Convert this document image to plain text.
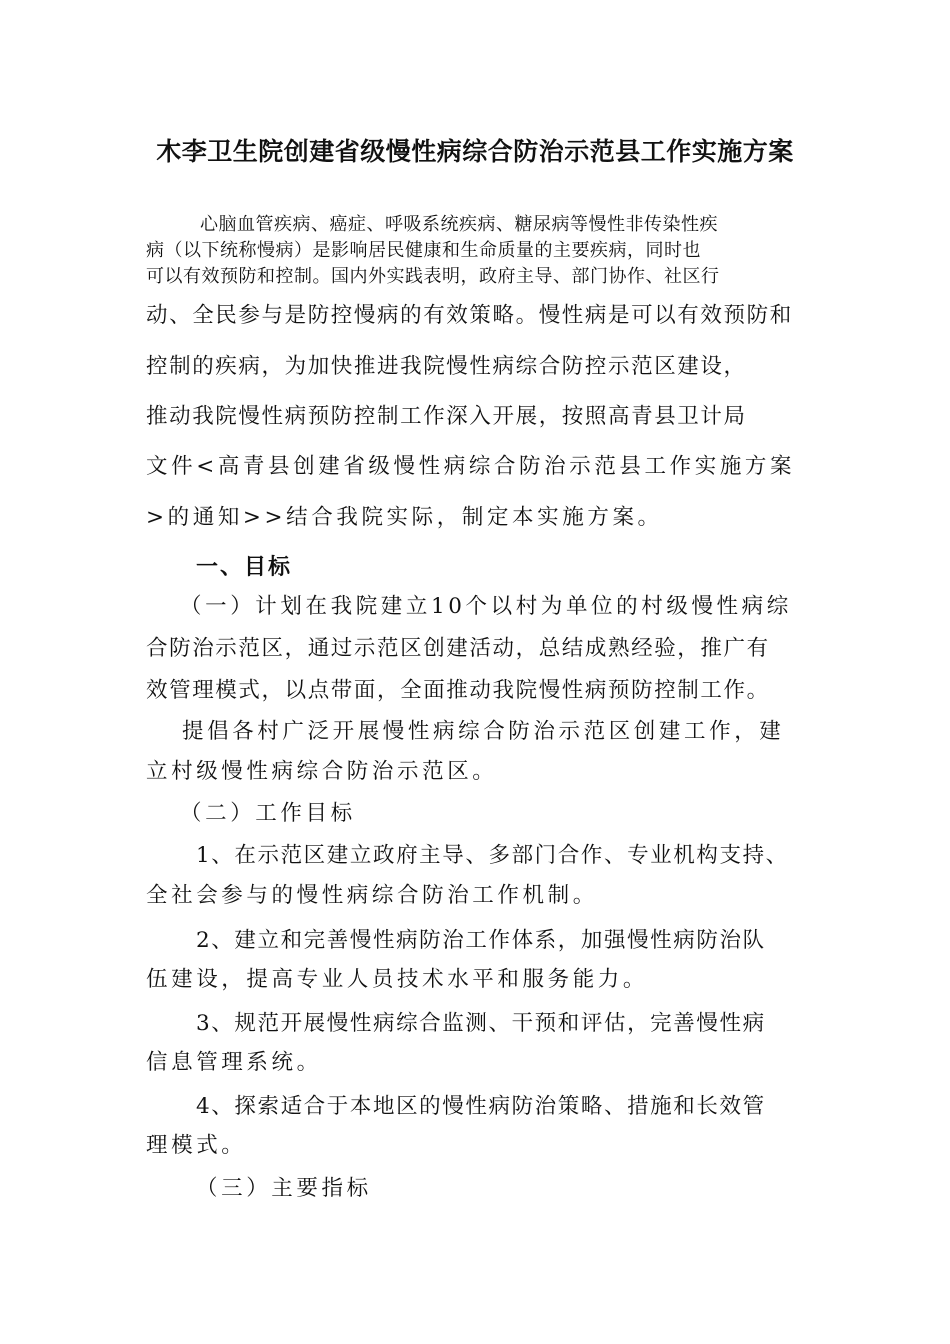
木李卫生院创建省级慢性病综合防治示范县工作实施方案
心脑血管疾病、癌症、呼吸系统疾病、糖尿病等慢性非传染性疾
病（以下统称慢病）是影响居民健康和生命质量的主要疾病，同时也
可以有效预防和控制。国内外实践表明，政府主导、部门协作、社区行
动、全民参与是防控慢病的有效策略。慢性病是可以有效预防和
控制的疾病，为加快推进我院慢性病综合防控示范区建设，
推动我院慢性病预防控制工作深入开展，按照高青县卫计局
文件<高青县创建省级慢性病综合防治示范县工作实施方案
>的通知>>结合我院实际，制定本实施方案。
一、目标
（一）计划在我院建立10个以村为单位的村级慢性病综
合防治示范区，通过示范区创建活动，总结成熟经验，推广有
效管理模式，以点带面，全面推动我院慢性病预防控制工作。
提倡各村广泛开展慢性病综合防治示范区创建工作，建
立村级慢性病综合防治示范区。
（二）工作目标
1、在示范区建立政府主导、多部门合作、专业机构支持、
全社会参与的慢性病综合防治工作机制。
2、建立和完善慢性病防治工作体系，加强慢性病防治队
伍建设，提高专业人员技术水平和服务能力。
3、规范开展慢性病综合监测、干预和评估，完善慢性病
信息管理系统。
4、探索适合于本地区的慢性病防治策略、措施和长效管
理模式。
（三）主要指标
